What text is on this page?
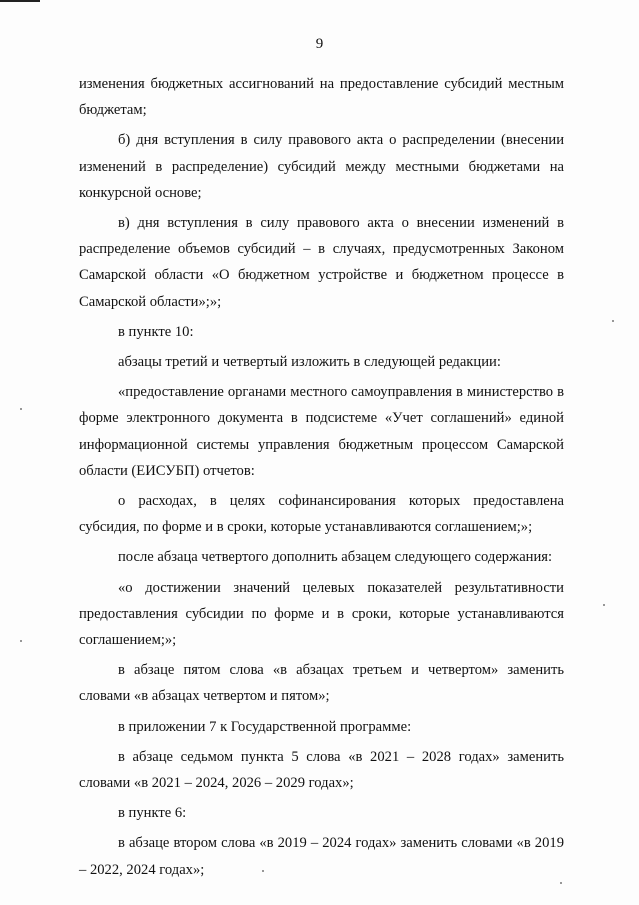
9

изменения бюджетных ассигнований на предоставление субсидий местным бюджетам;

б) дня вступления в силу правового акта о распределении (внесении изменений в распределение) субсидий между местными бюджетами на конкурсной основе;

в) дня вступления в силу правового акта о внесении изменений в распределение объемов субсидий – в случаях, предусмотренных Законом Самарской области «О бюджетном устройстве и бюджетном процессе в Самарской области»;»;

в пункте 10:

абзацы третий и четвертый изложить в следующей редакции:

«предоставление органами местного самоуправления в министерство в форме электронного документа в подсистеме «Учет соглашений» единой информационной системы управления бюджетным процессом Самарской области (ЕИСУБП) отчетов:

о расходах, в целях софинансирования которых предоставлена субсидия, по форме и в сроки, которые устанавливаются соглашением;»;

после абзаца четвертого дополнить абзацем следующего содержания:

«о достижении значений целевых показателей результативности предоставления субсидии по форме и в сроки, которые устанавливаются соглашением;»;

в абзаце пятом слова «в абзацах третьем и четвертом» заменить словами «в абзацах четвертом и пятом»;

в приложении 7 к Государственной программе:

в абзаце седьмом пункта 5 слова «в 2021 – 2028 годах» заменить словами «в 2021 – 2024, 2026 – 2029 годах»;

в пункте 6:

в абзаце втором слова «в 2019 – 2024 годах» заменить словами «в 2019 – 2022, 2024 годах»;
